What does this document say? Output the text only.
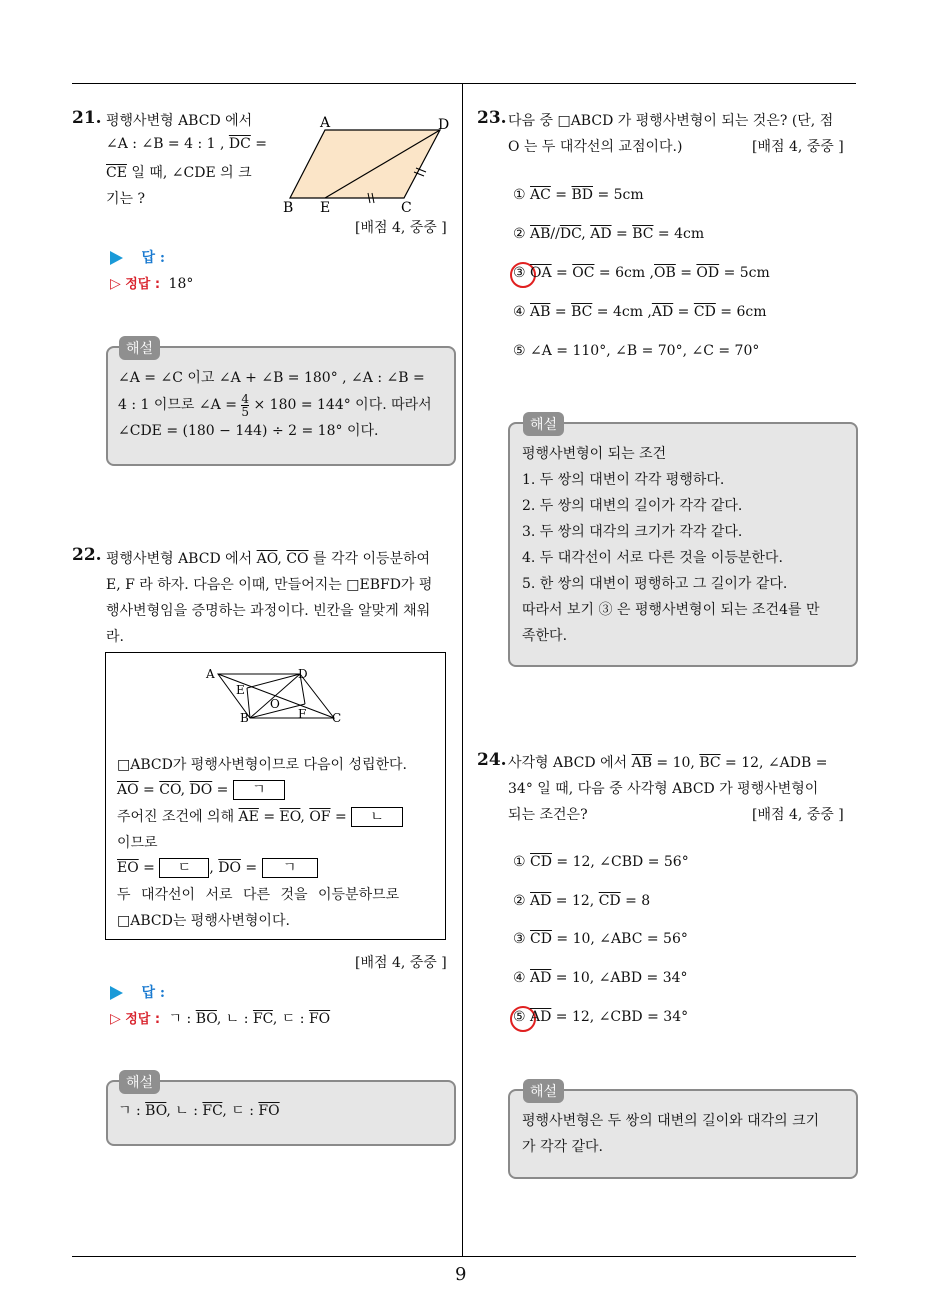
9
21. 평행사변형 ABCD 에서
∠A : ∠B = 4 : 1 , $\overline{DC}$ =
$\overline{CE}$ 일 때, ∠CDE 의 크
기는 ?
A	D
B E	C
[배점 4, 중중 ]
답 :
▷ 정답 : 18°
해설
∠A = ∠C 이고 ∠A + ∠B = 180° , ∠A : ∠B =
4 : 1 이므로 ∠A = $\frac{4}{5} \times 180 = 144^\circ$ 이다. 따라서
∠CDE = (180 − 144) ÷ 2 = 18° 이다.
22. 평행사변형 ABCD 에서 $\overline{AO}$, $\overline{CO}$ 를 각각 이등분하여
E, F 라 하자. 다음은 이때, 만들어지는 □EBFD가 평
행사변형임을 증명하는 과정이다. 빈칸을 알맞게 채워
라.
A	D
E
O
F
B	C
□ABCD가 평행사변형이므로 다음이 성립한다.
$\overline{AO} = \overline{CO}$, $\overline{DO}$ = ㄱ
주어진 조건에 의해 $\overline{AE} = \overline{EO}$, $\overline{OF}$ = ㄴ
이므로
$\overline{EO}$ = ㄷ , $\overline{DO}$ = ㄱ
두 대각선이 서로 다른 것을 이등분하므로
□ABCD는 평행사변형이다.
[배점 4, 중중 ]
답 :
▷ 정답 : ㄱ : $\overline{BO}$, ㄴ : $\overline{FC}$, ㄷ : $\overline{FO}$
해설
ㄱ : $\overline{BO}$, ㄴ : $\overline{FC}$, ㄷ : $\overline{FO}$
23. 다음 중 □ABCD 가 평행사변형이 되는 것은? (단, 점
O 는 두 대각선의 교점이다.)	[배점 4, 중중 ]
① $\overline{AC} = \overline{BD} = 5cm$
② $\overline{AB}//\overline{DC}$, $\overline{AD} = \overline{BC} = 4cm$
③ $\overline{OA} = \overline{OC} = 6cm$ $,\overline{OB} = \overline{OD} = 5cm$
④ $\overline{AB} = \overline{BC} = 4cm$ $,\overline{AD} = \overline{CD} = 6cm$
⑤ ∠A = 110°, ∠B = 70°, ∠C = 70°
해설
평행사변형이 되는 조건
1. 두 쌍의 대변이 각각 평행하다.
2. 두 쌍의 대변의 길이가 각각 같다.
3. 두 쌍의 대각의 크기가 각각 같다.
4. 두 대각선이 서로 다른 것을 이등분한다.
5. 한 쌍의 대변이 평행하고 그 길이가 같다.
따라서 보기 ③ 은 평행사변형이 되는 조건4를 만
족한다.
24. 사각형 ABCD 에서 $\overline{AB} = 10$, $\overline{BC} = 12$, ∠ADB =
34° 일 때, 다음 중 사각형 ABCD 가 평행사변형이
되는 조건은?	[배점 4, 중중 ]
① $\overline{CD} = 12$, ∠CBD = 56°
② $\overline{AD} = 12$, $\overline{CD} = 8$
③ $\overline{CD} = 10$, ∠ABC = 56°
④ $\overline{AD} = 10$, ∠ABD = 34°
⑤ $\overline{AD} = 12$, ∠CBD = 34°
해설
평행사변형은 두 쌍의 대변의 길이와 대각의 크기
가 각각 같다.
